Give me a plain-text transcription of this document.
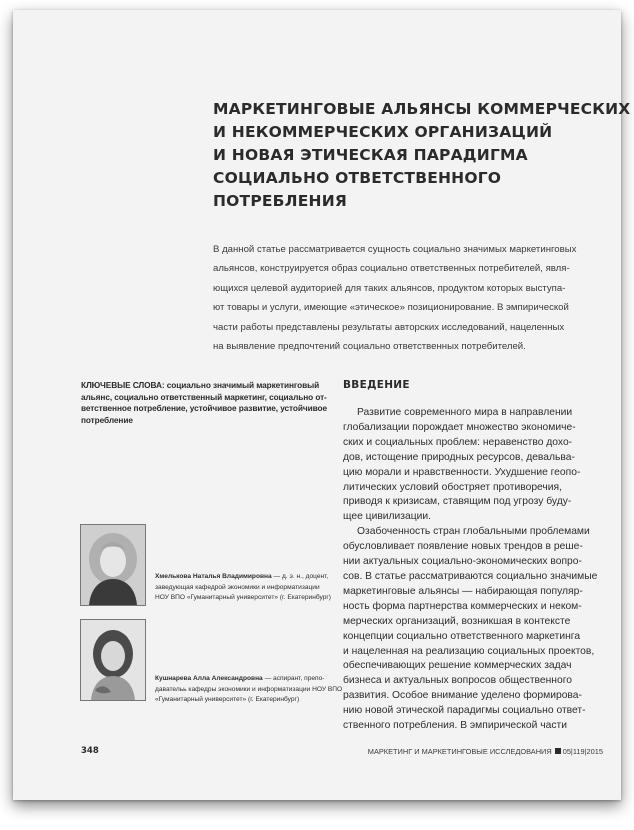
МАРКЕТИНГОВЫЕ АЛЬЯНСЫ КОММЕРЧЕСКИХ
И НЕКОММЕРЧЕСКИХ ОРГАНИЗАЦИЙ
И НОВАЯ ЭТИЧЕСКАЯ ПАРАДИГМА
СОЦИАЛЬНО ОТВЕТСТВЕННОГО
ПОТРЕБЛЕНИЯ
В данной статье рассматривается сущность социально значимых маркетинговых
альянсов, конструируется образ социально ответственных потребителей, явля-
ющихся целевой аудиторией для таких альянсов, продуктом которых выступа-
ют товары и услуги, имеющие «этическое» позиционирование. В эмпирической
части работы представлены результаты авторских исследований, нацеленных
на выявление предпочтений социально ответственных потребителей.
КЛЮЧЕВЫЕ СЛОВА: социально значимый маркетинговый
альянс, социально ответственный маркетинг, социально от-
ветственное потребление, устойчивое развитие, устойчивое
потребление
ВВЕДЕНИЕ
Развитие современного мира в направлении
глобализации порождает множество экономиче-
ских и социальных проблем: неравенство дохо-
дов, истощение природных ресурсов, девальва-
цию морали и нравственности. Ухудшение геопо-
литических условий обостряет противоречия,
приводя к кризисам, ставящим под угрозу буду-
щее цивилизации.
Озабоченность стран глобальными проблемами
обусловливает появление новых трендов в реше-
нии актуальных социально-экономических вопро-
сов. В статье рассматриваются социально значимые
маркетинговые альянсы — набирающая популяр-
ность форма партнерства коммерческих и неком-
мерческих организаций, возникшая в контексте
концепции социально ответственного маркетинга
и нацеленная на реализацию социальных проектов,
обеспечивающих решение коммерческих задач
бизнеса и актуальных вопросов общественного
развития. Особое внимание уделено формирова-
нию новой этической парадигмы социально ответ-
ственного потребления. В эмпирической части
Хмелькова Наталья Владимировна — д. э. н., доцент,
заведующая кафедрой экономики и информатизации
НОУ ВПО «Гуманитарный университет» (г. Екатеринбург)
Кушнарева Алла Александровна — аспирант, препо-
давательь кафедры экономики и информатизации НОУ ВПО
«Гуманитарный университет» (г. Екатеринбург)
348	МАРКЕТИНГ И МАРКЕТИНГОВЫЕ ИССЛЕДОВАНИЯ 05|119|2015
